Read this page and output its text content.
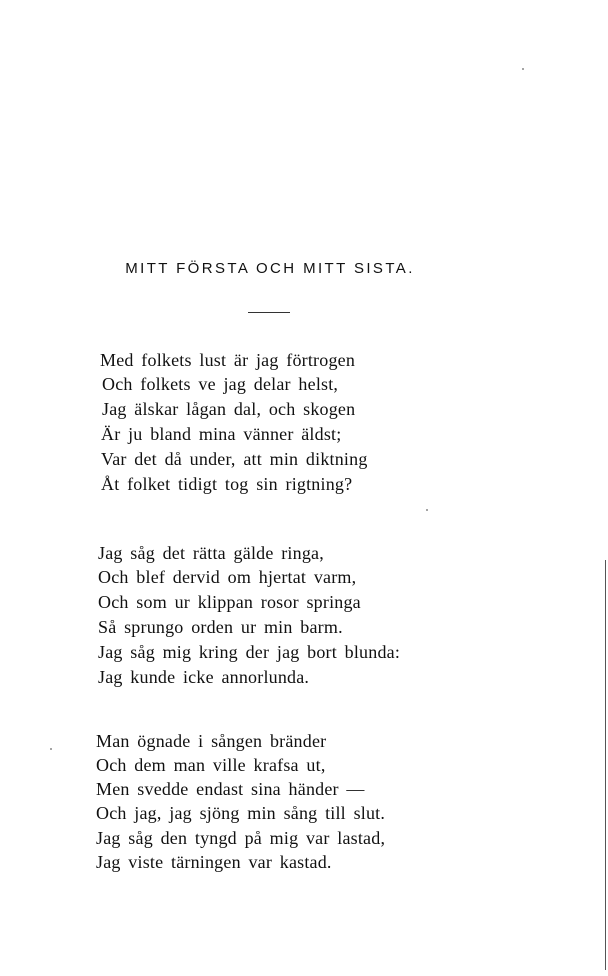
MITT FÖRSTA OCH MITT SISTA.
Med folkets lust är jag förtrogen
Och folkets ve jag delar helst,
Jag älskar lågan dal, och skogen
Är ju bland mina vänner äldst;
Var det då under, att min diktning
Åt folket tidigt tog sin rigtning?
Jag såg det rätta gälde ringa,
Och blef dervid om hjertat varm,
Och som ur klippan rosor springa
Så sprungo orden ur min barm.
Jag såg mig kring der jag bort blunda:
Jag kunde icke annorlunda.
Man ögnade i sången bränder
Och dem man ville krafsa ut,
Men svedde endast sina händer —
Och jag, jag sjöng min sång till slut.
Jag såg den tyngd på mig var lastad,
Jag viste tärningen var kastad.
